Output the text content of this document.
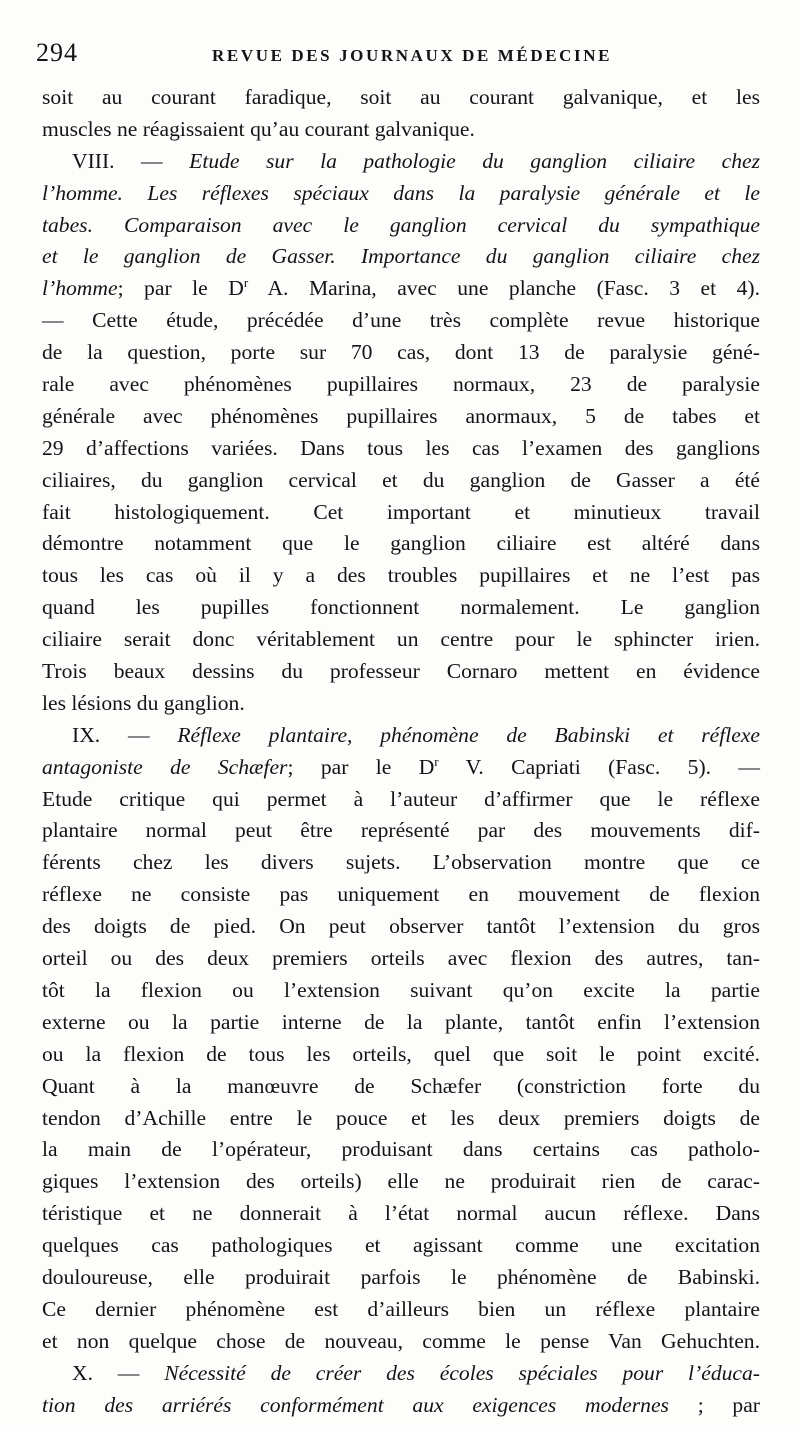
294	REVUE DES JOURNAUX DE MÉDECINE
soit au courant faradique, soit au courant galvanique, et les
muscles ne réagissaient qu’au courant galvanique.
VIII. — Etude sur la pathologie du ganglion ciliaire chez
l’homme. Les réflexes spéciaux dans la paralysie générale et le
tabes. Comparaison avec le ganglion cervical du sympathique
et le ganglion de Gasser. Importance du ganglion ciliaire chez
l’homme; par le $D^r$ A. Marina, avec une planche (Fasc. 3 et 4).
— Cette étude, précédée d’une très complète revue historique
de la question, porte sur 70 cas, dont 13 de paralysie géné-
rale avec phénomènes pupillaires normaux, 23 de paralysie
générale avec phénomènes pupillaires anormaux, 5 de tabes et
29 d’affections variées. Dans tous les cas l’examen des ganglions
ciliaires, du ganglion cervical et du ganglion de Gasser a été
fait histologiquement. Cet important et minutieux travail
démontre notamment que le ganglion ciliaire est altéré dans
tous les cas où il y a des troubles pupillaires et ne l’est pas
quand les pupilles fonctionnent normalement. Le ganglion
ciliaire serait donc véritablement un centre pour le sphincter irien.
Trois beaux dessins du professeur Cornaro mettent en évidence
les lésions du ganglion.
IX. — Réflexe plantaire, phénomène de Babinski et réflexe
antagoniste de Schæfer; par le $D^r$ V. Capriati (Fasc. 5). —
Etude critique qui permet à l’auteur d’affirmer que le réflexe
plantaire normal peut être représenté par des mouvements dif-
férents chez les divers sujets. L’observation montre que ce
réflexe ne consiste pas uniquement en mouvement de flexion
des doigts de pied. On peut observer tantôt l’extension du gros
orteil ou des deux premiers orteils avec flexion des autres, tan-
tôt la flexion ou l’extension suivant qu’on excite la partie
externe ou la partie interne de la plante, tantôt enfin l’extension
ou la flexion de tous les orteils, quel que soit le point excité.
Quant à la manœuvre de Schæfer (constriction forte du
tendon d’Achille entre le pouce et les deux premiers doigts de
la main de l’opérateur, produisant dans certains cas patholo-
giques l’extension des orteils) elle ne produirait rien de carac-
téristique et ne donnerait à l’état normal aucun réflexe. Dans
quelques cas pathologiques et agissant comme une excitation
douloureuse, elle produirait parfois le phénomène de Babinski.
Ce dernier phénomène est d’ailleurs bien un réflexe plantaire
et non quelque chose de nouveau, comme le pense Van Gehuchten.
X. — Nécessité de créer des écoles spéciales pour l’éduca-
tion des arriérés conformément aux exigences modernes ; par
